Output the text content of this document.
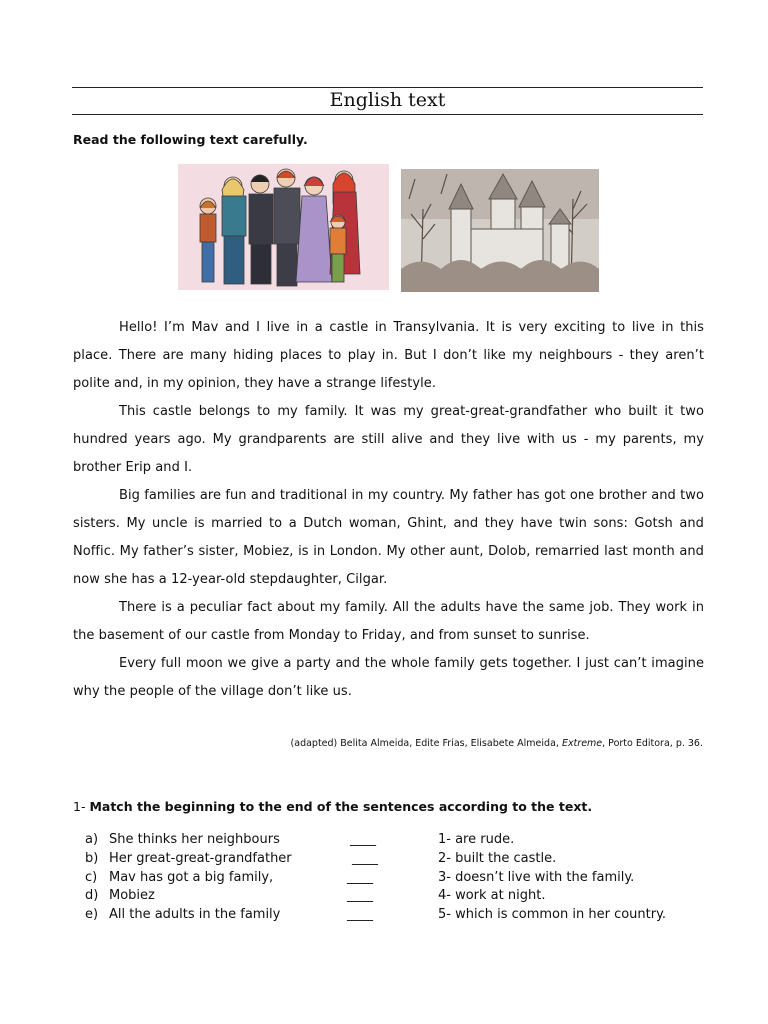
English text
Read the following text carefully.

Hello! I’m Mav and I live in a castle in Transylvania. It is very exciting to live in this place. There are many hiding places to play in. But I don’t like my neighbours - they aren’t polite and, in my opinion, they have a strange lifestyle.

This castle belongs to my family. It was my great-great-grandfather who built it two hundred years ago. My grandparents are still alive and they live with us - my parents, my brother Erip and I.

Big families are fun and traditional in my country. My father has got one brother and two sisters. My uncle is married to a Dutch woman, Ghint, and they have twin sons: Gotsh and Noffic. My father’s sister, Mobiez, is in London. My other aunt, Dolob, remarried last month and now she has a 12-year-old stepdaughter, Cilgar.

There is a peculiar fact about my family. All the adults have the same job. They work in the basement of our castle from Monday to Friday, and from sunset to sunrise.

Every full moon we give a party and the whole family gets together. I just can’t imagine why the people of the village don’t like us.

(adapted) Belita Almeida, Edite Frias, Elisabete Almeida, Extreme, Porto Editora, p. 36.
1- Match the beginning to the end of the sentences according to the text.
a) She thinks her neighbours	____	1- are rude.
b) Her great-great-grandfather	____	2- built the castle.
c) Mav has got a big family,	____	3- doesn’t live with the family.
d) Mobiez	____	4- work at night.
e) All the adults in the family	____	5- which is common in her country.
